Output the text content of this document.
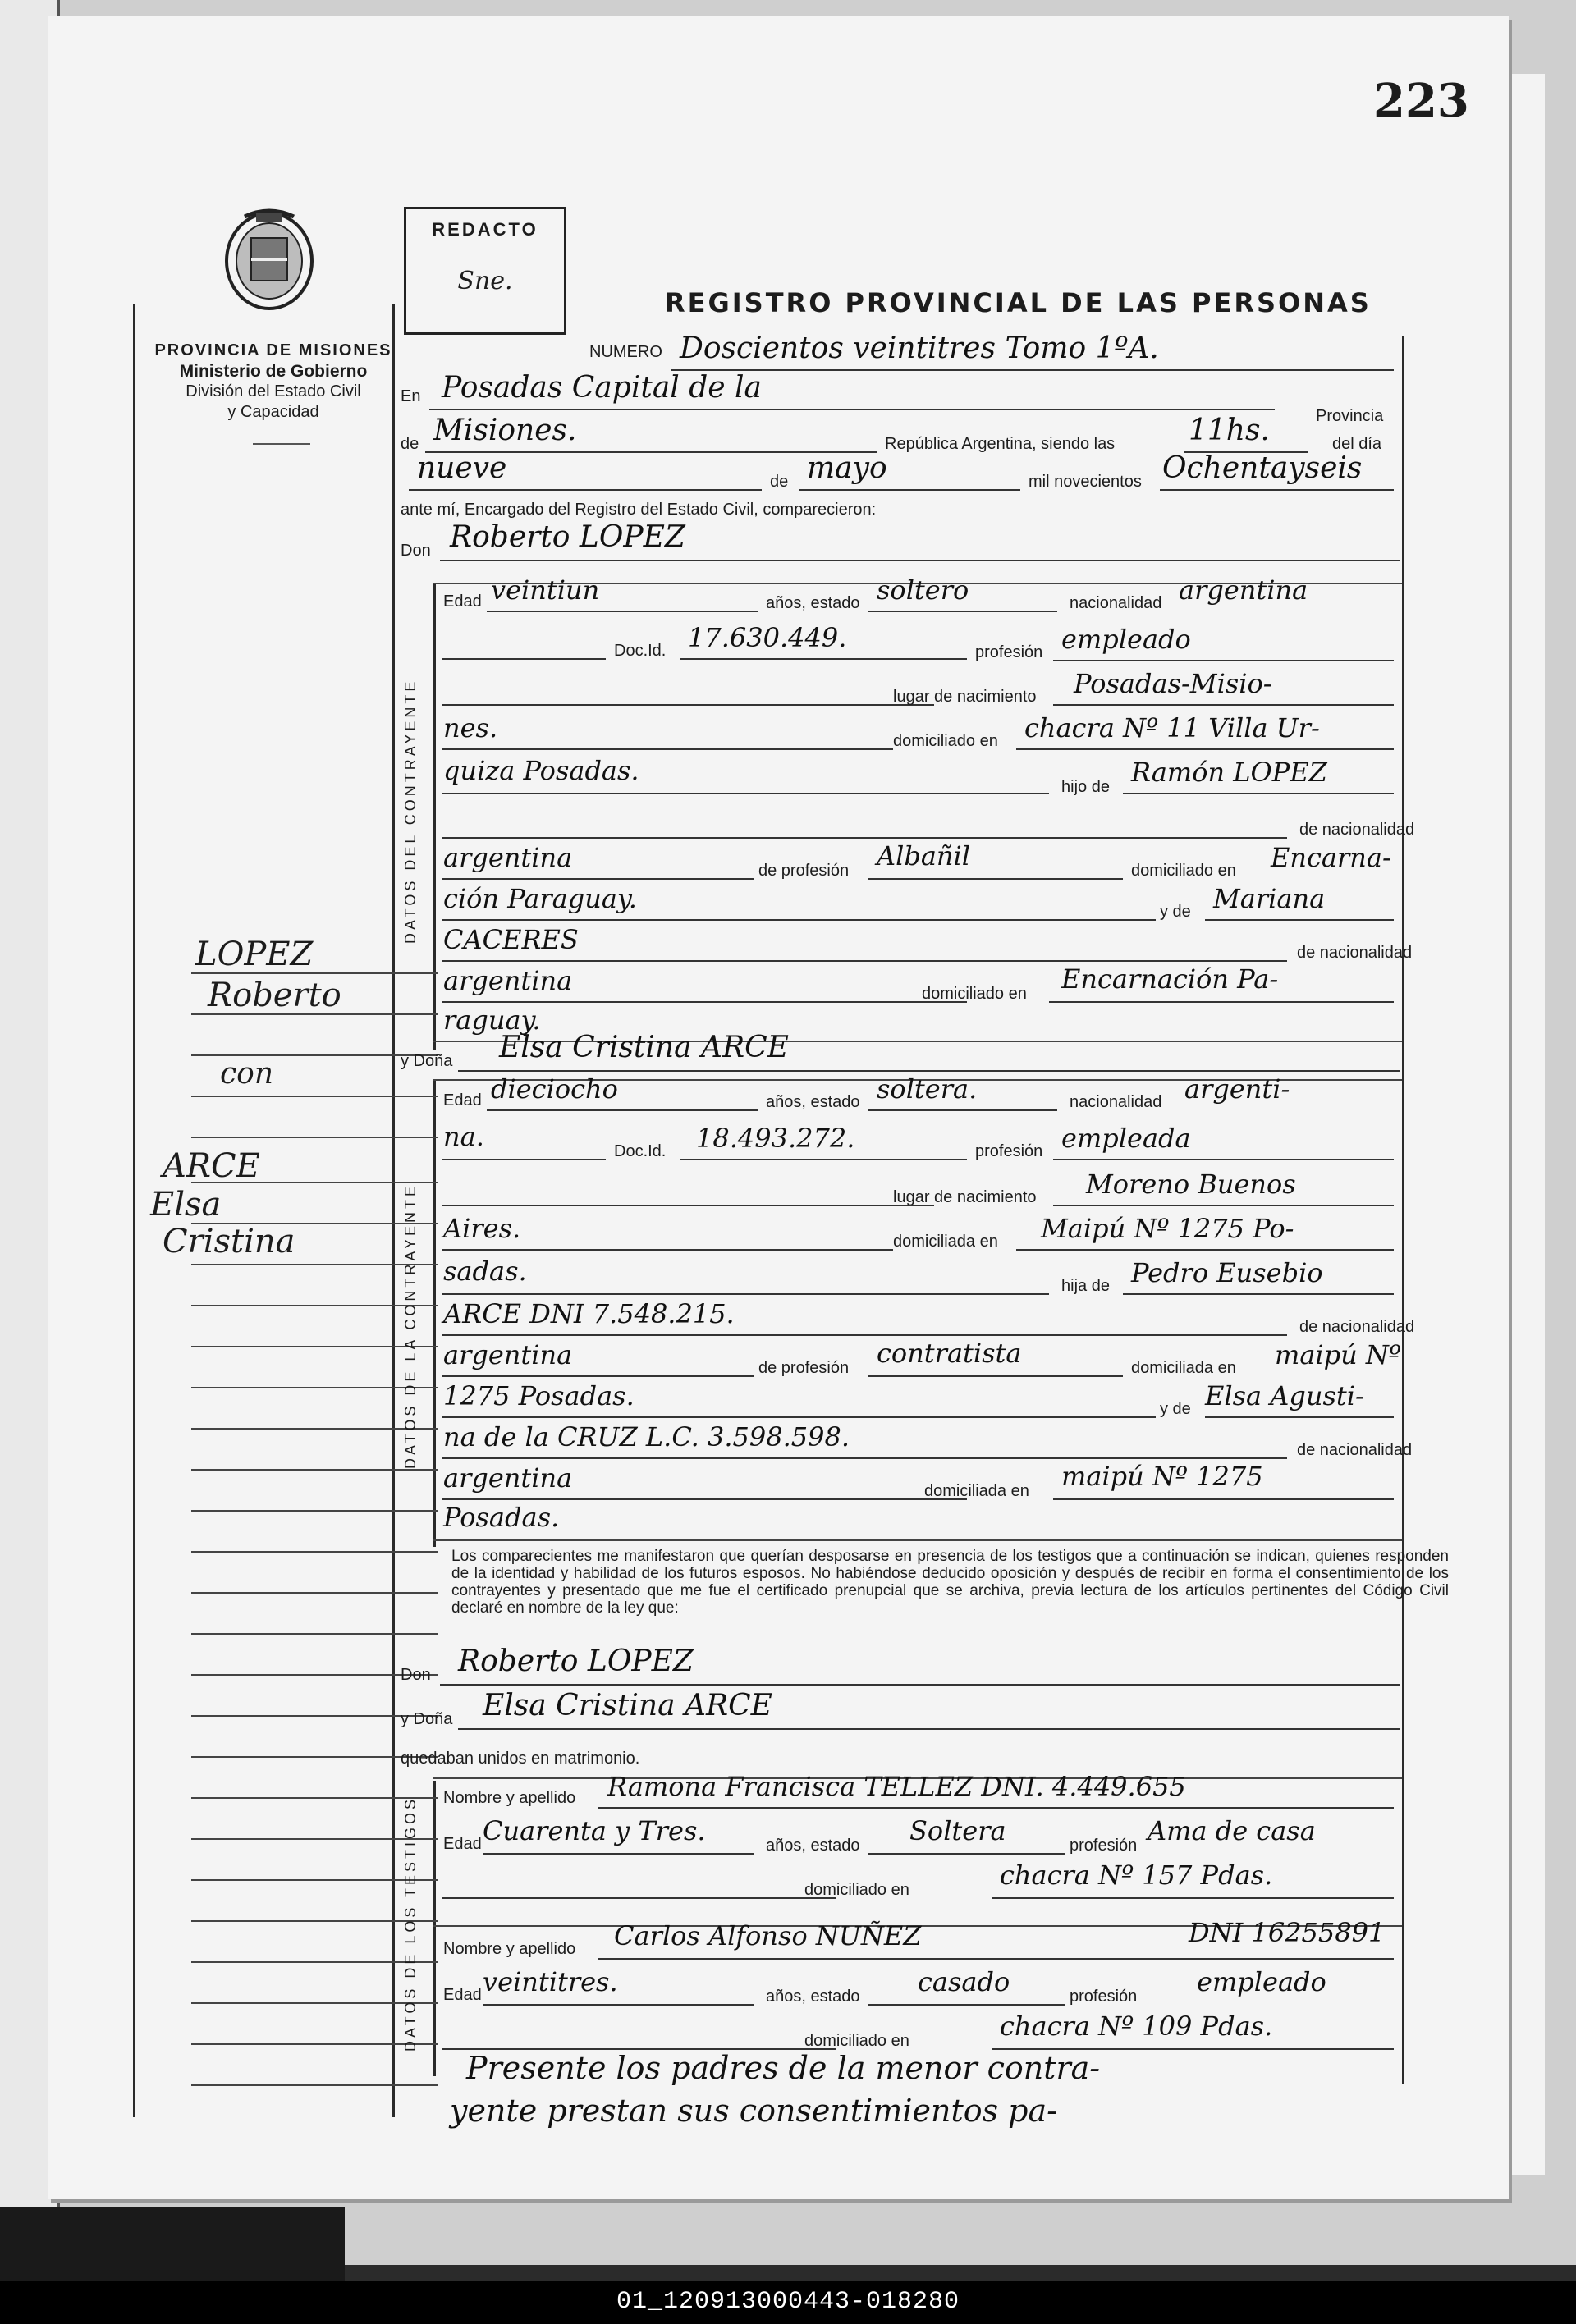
223
PROVINCIA DE MISIONES
Ministerio de Gobierno
División del Estado Civil
y Capacidad
REDACTO
Sne.
REGISTRO PROVINCIAL DE LAS PERSONAS
LOPEZ
Roberto
con
ARCE
Elsa
Cristina
NUMERO Doscientos veintitres Tomo 1ºA.
En Posadas Capital de la
Provincia
de Misiones.	República Argentina, siendo las 11hs.	del día
nueve	de mayo	mil novecientos Ochentayseis
ante mí, Encargado del Registro del Estado Civil, comparecieron:
Don Roberto LOPEZ
DATOS DEL CONTRAYENTE
Edad veintiun	años, estado soltero	nacionalidad argentina
Doc.Id. 17.630.449.	profesión empleado
lugar de nacimiento Posadas-Misio-
nes.	domiciliado en chacra Nº 11 Villa Ur-
quiza Posadas.
hijo de Ramón LOPEZ
de nacionalidad
argentina	de profesión Albañil	domiciliado en Encarna-
ción Paraguay.	y de Mariana
CACERES	de nacionalidad
argentina	domiciliado en Encarnación Pa-
raguay.
y Doña Elsa Cristina ARCE
DATOS DE LA CONTRAYENTE
Edad dieciocho	años, estado soltera.	nacionalidad argenti-
na.	Doc.Id. 18.493.272.	profesión empleada
lugar de nacimiento Moreno Buenos
Aires.	domiciliada en Maipú Nº 1275 Po-
sadas.	hija de Pedro Eusebio
ARCE DNI 7.548.215.	de nacionalidad
argentina	de profesión contratista	domiciliada en maipú Nº
1275 Posadas.	y de Elsa Agusti-
na de la CRUZ L.C. 3.598.598.	de nacionalidad
argentina	domiciliada en maipú Nº 1275
Posadas.
Los comparecientes me manifestaron que querían desposarse en presencia de los testigos que a continuación se indican, quienes responden de la identidad y habilidad de los futuros esposos. No habiéndose deducido oposición y después de recibir en forma el consentimiento de los contrayentes y presentado que me fue el certificado prenupcial que se archiva, previa lectura de los artículos pertinentes del Código Civil declaré en nombre de la ley que:
Don Roberto LOPEZ
y Doña Elsa Cristina ARCE
quedaban unidos en matrimonio.
DATOS DE LOS TESTIGOS Nombre y apellido Ramona Francisca TELLEZ DNI. 4.449.655
Edad Cuarenta y Tres.	años, estado Soltera	profesión Ama de casa
domiciliado en	chacra Nº 157 Pdas.
Nombre y apellido Carlos Alfonso NUÑEZ	DNI 16255891
Edad veintitres.	años, estado casado	profesión empleado
domiciliado en	chacra Nº 109 Pdas.
Presente los padres de la menor contra-
yente prestan sus consentimientos pa-
01_120913000443-018280
